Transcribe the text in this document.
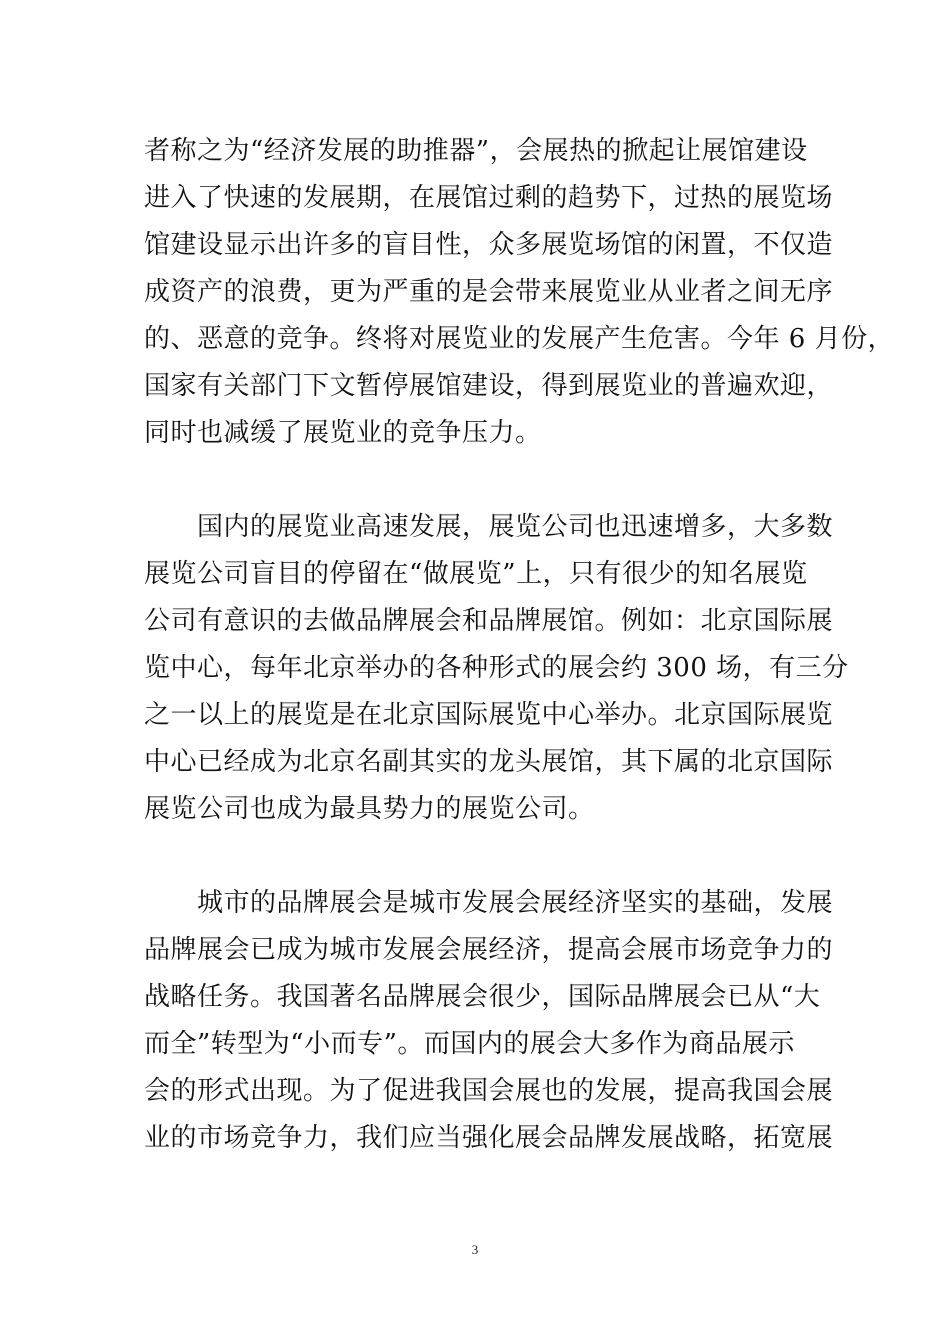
者称之为“经济发展的助推器”，会展热的掀起让展馆建设
进入了快速的发展期，在展馆过剩的趋势下，过热的展览场
馆建设显示出许多的盲目性，众多展览场馆的闲置，不仅造
成资产的浪费，更为严重的是会带来展览业从业者之间无序
的、恶意的竞争。终将对展览业的发展产生危害。今年 6 月份，
国家有关部门下文暂停展馆建设，得到展览业的普遍欢迎，
同时也减缓了展览业的竞争压力。
　　国内的展览业高速发展，展览公司也迅速增多，大多数
展览公司盲目的停留在“做展览”上，只有很少的知名展览
公司有意识的去做品牌展会和品牌展馆。例如：北京国际展
览中心，每年北京举办的各种形式的展会约 300 场，有三分
之一以上的展览是在北京国际展览中心举办。北京国际展览
中心已经成为北京名副其实的龙头展馆，其下属的北京国际
展览公司也成为最具势力的展览公司。
　　城市的品牌展会是城市发展会展经济坚实的基础，发展
品牌展会已成为城市发展会展经济，提高会展市场竞争力的
战略任务。我国著名品牌展会很少，国际品牌展会已从“大
而全”转型为“小而专”。而国内的展会大多作为商品展示
会的形式出现。为了促进我国会展也的发展，提高我国会展
业的市场竞争力，我们应当强化展会品牌发展战略，拓宽展
3
